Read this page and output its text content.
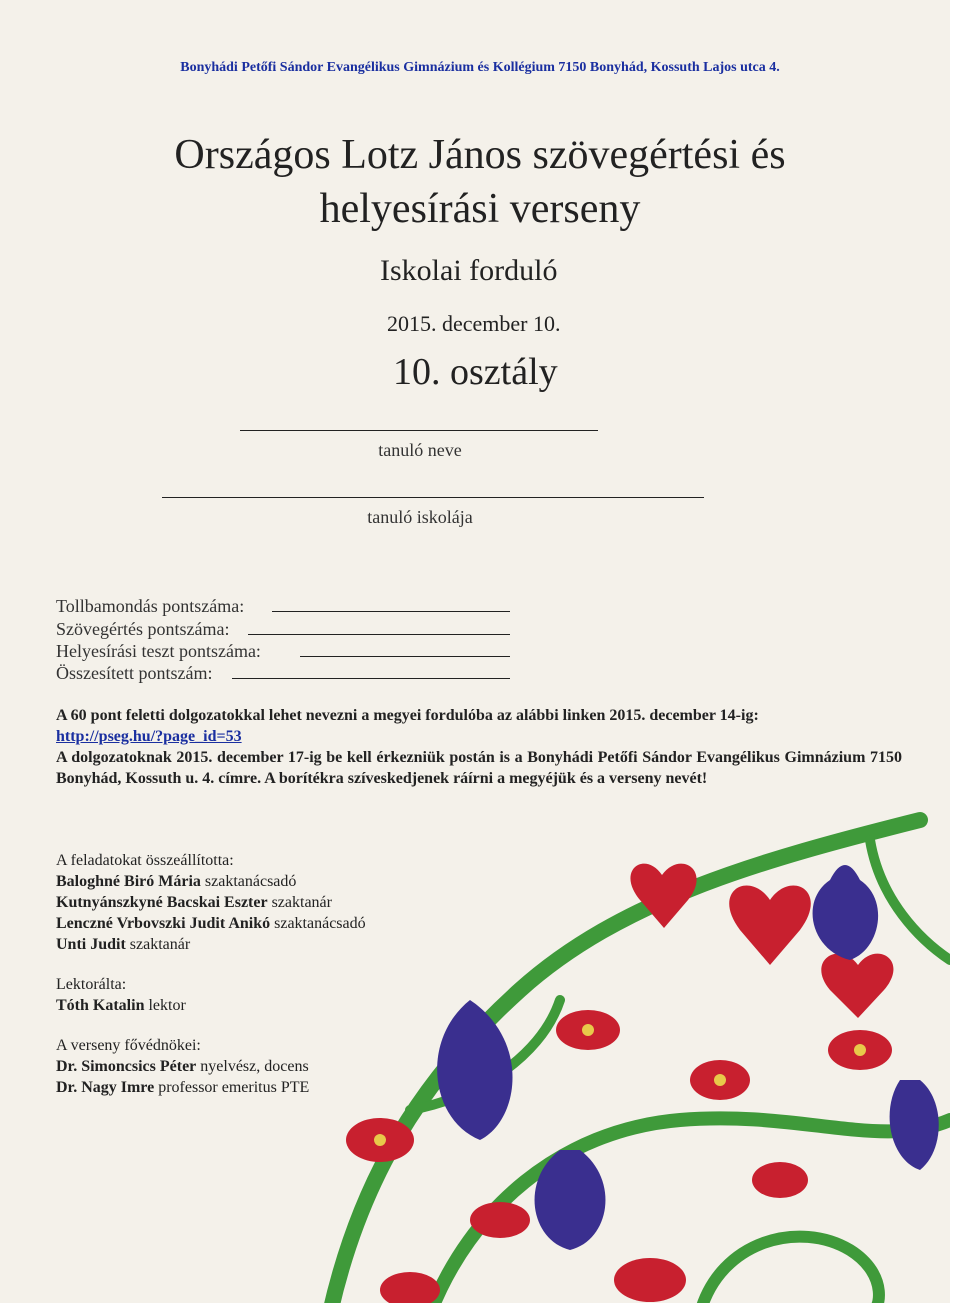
Bonyhádi Petőfi Sándor Evangélikus Gimnázium és Kollégium 7150 Bonyhád, Kossuth Lajos utca 4.
Országos Lotz János szövegértési és
helyesírási verseny
Iskolai forduló
2015. december 10.
10. osztály
tanuló neve
tanuló iskolája
Tollbamondás pontszáma:
Szövegértés pontszáma:
Helyesírási teszt pontszáma:
Összesített pontszám:
A 60 pont feletti dolgozatokkal lehet nevezni a megyei fordulóba az alábbi linken 2015. december 14-ig:
http://pseg.hu/?page_id=53
A dolgozatoknak 2015. december 17-ig be kell érkezniük postán is a Bonyhádi Petőfi Sándor Evangélikus Gimnázium 7150 Bonyhád, Kossuth u. 4. címre. A borítékra szíveskedjenek ráírni a megyéjük és a verseny nevét!
A feladatokat összeállította:
Baloghné Biró Mária szaktanácsadó
Kutnyánszkyné Bacskai Eszter szaktanár
Lenczné Vrbovszki Judit Anikó szaktanácsadó
Unti Judit szaktanár
Lektorálta:
Tóth Katalin lektor
A verseny fővédnökei:
Dr. Simoncsics Péter nyelvész, docens
Dr. Nagy Imre professor emeritus PTE
